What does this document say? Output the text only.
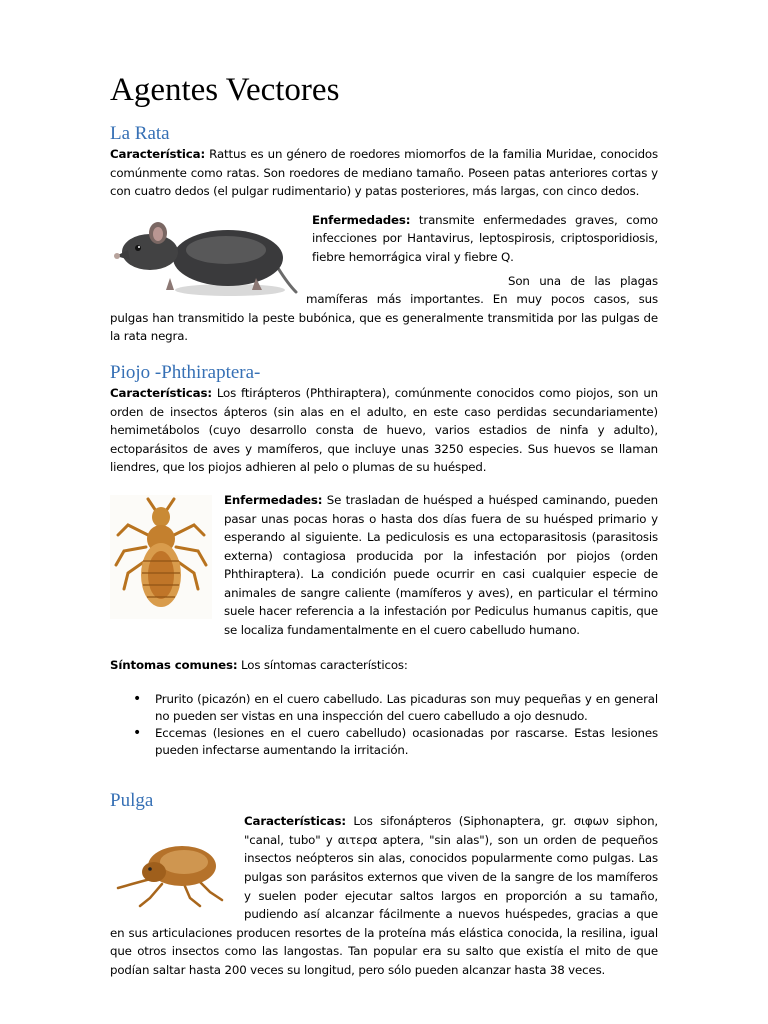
Agentes Vectores
La Rata

Característica: Rattus es un género de roedores miomorfos de la familia Muridae, conocidos comúnmente como ratas. Son roedores de mediano tamaño. Poseen patas anteriores cortas y con cuatro dedos (el pulgar rudimentario) y patas posteriores, más largas, con cinco dedos.

Enfermedades: transmite enfermedades graves, como infecciones por Hantavirus, leptospirosis, criptosporidiosis, fiebre hemorrágica viral y fiebre Q.

Son una de las plagas mamíferas más importantes. En muy pocos casos, sus pulgas han transmitido la peste bubónica, que es generalmente transmitida por las pulgas de la rata negra.

Piojo -Phthiraptera-

Características: Los ftirápteros (Phthiraptera), comúnmente conocidos como piojos, son un orden de insectos ápteros (sin alas en el adulto, en este caso perdidas secundariamente) hemimetábolos (cuyo desarrollo consta de huevo, varios estadios de ninfa y adulto), ectoparásitos de aves y mamíferos, que incluye unas 3250 especies. Sus huevos se llaman liendres, que los piojos adhieren al pelo o plumas de su huésped.

Enfermedades: Se trasladan de huésped a huésped caminando, pueden pasar unas pocas horas o hasta dos días fuera de su huésped primario y esperando al siguiente. La pediculosis es una ectoparasitosis (parasitosis externa) contagiosa producida por la infestación por piojos (orden Phthiraptera). La condición puede ocurrir en casi cualquier especie de animales de sangre caliente (mamíferos y aves), en particular el término suele hacer referencia a la infestación por Pediculus humanus capitis, que se localiza fundamentalmente en el cuero cabelludo humano.

Síntomas comunes: Los síntomas característicos:

• Prurito (picazón) en el cuero cabelludo. Las picaduras son muy pequeñas y en general no pueden ser vistas en una inspección del cuero cabelludo a ojo desnudo.
• Eccemas (lesiones en el cuero cabelludo) ocasionadas por rascarse. Estas lesiones pueden infectarse aumentando la irritación.
Pulga

Características: Los sifonápteros (Siphonaptera, gr. σιφων siphon, "canal, tubo" y αιτερα aptera, "sin alas"), son un orden de pequeños insectos neópteros sin alas, conocidos popularmente como pulgas. Las pulgas son parásitos externos que viven de la sangre de los mamíferos y suelen poder ejecutar saltos largos en proporción a su tamaño, pudiendo así alcanzar fácilmente a nuevos huéspedes, gracias a que en sus articulaciones producen resortes de la proteína más elástica conocida, la resilina, igual que otros insectos como las langostas. Tan popular era su salto que existía el mito de que podían saltar hasta 200 veces su longitud, pero sólo pueden alcanzar hasta 38 veces.
